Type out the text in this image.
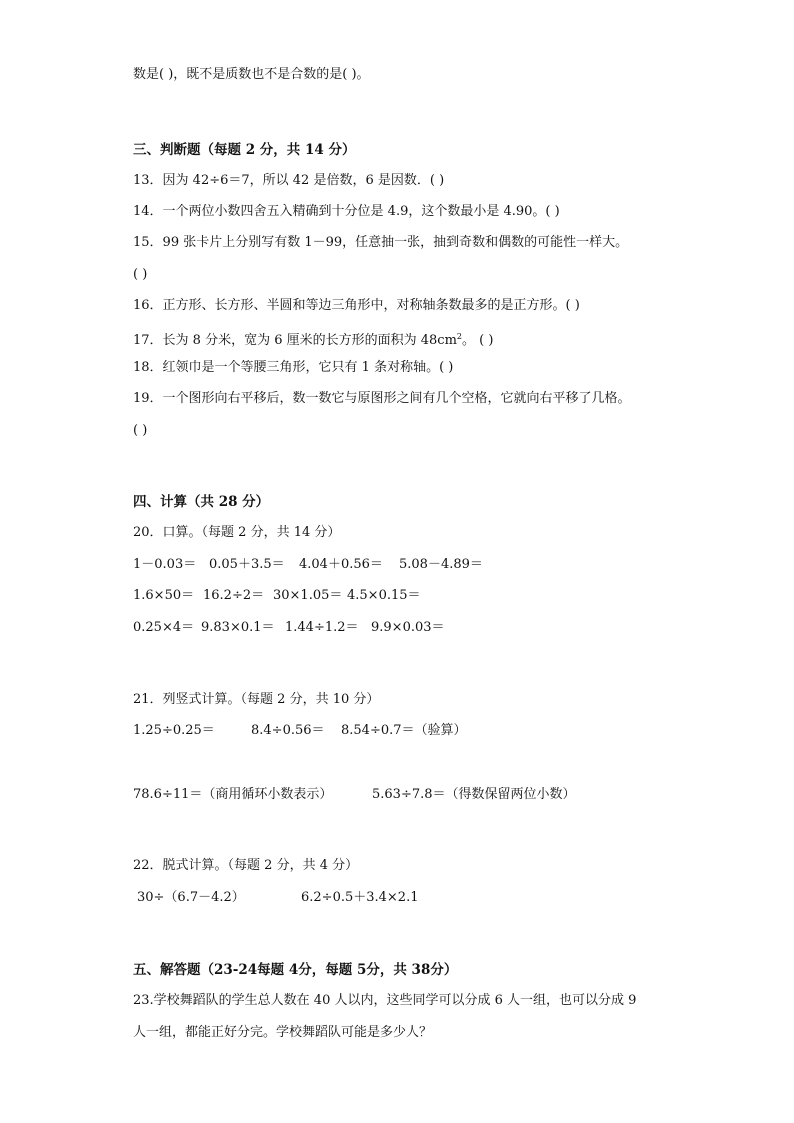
数是( )，既不是质数也不是合数的是( )。
三、判断题（每题 2 分，共 14 分）
13．因为 42÷6＝7，所以 42 是倍数，6 是因数．( )
14．一个两位小数四舍五入精确到十分位是 4.9，这个数最小是 4.90。( )
15．99 张卡片上分别写有数 1－99，任意抽一张，抽到奇数和偶数的可能性一样大。
( )
16．正方形、长方形、半圆和等边三角形中，对称轴条数最多的是正方形。( )
17．长为 8 分米，宽为 6 厘米的长方形的面积为 $48cm^2$。 ( )
18．红领巾是一个等腰三角形，它只有 1 条对称轴。( )
19．一个图形向右平移后，数一数它与原图形之间有几个空格，它就向右平移了几格。
( )
四、计算（共 28 分）
20．口算。（每题 2 分，共 14 分）
1－0.03＝ 0.05＋3.5＝ 4.04＋0.56＝ 5.08－4.89＝
1.6×50＝ 16.2÷2＝ 30×1.05＝ 4.5×0.15＝
0.25×4＝ 9.83×0.1＝ 1.44÷1.2＝ 9.9×0.03＝
21．列竖式计算。（每题 2 分，共 10 分）
1.25÷0.25＝	8.4÷0.56＝ 8.54÷0.7＝（验算）
78.6÷11＝（商用循环小数表示）	5.63÷7.8＝（得数保留两位小数）
22．脱式计算。（每题 2 分，共 4 分）
30÷（6.7－4.2）	6.2÷0.5＋3.4×2.1
五、解答题（23-24每题 4分，每题 5分，共 38分）
23.学校舞蹈队的学生总人数在 40 人以内，这些同学可以分成 6 人一组，也可以分成 9
人一组，都能正好分完。学校舞蹈队可能是多少人？
